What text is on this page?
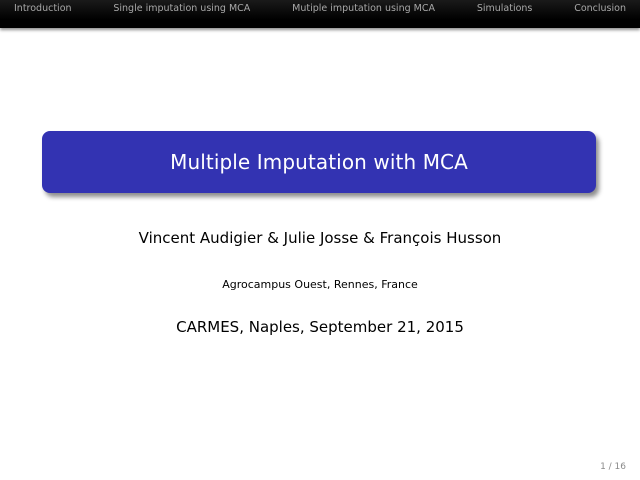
Introduction	Single imputation using MCA	Mutiple imputation using MCA	Simulations	Conclusion
Multiple Imputation with MCA
Vincent Audigier & Julie Josse & François Husson
Agrocampus Ouest, Rennes, France
CARMES, Naples, September 21, 2015
1 / 16
